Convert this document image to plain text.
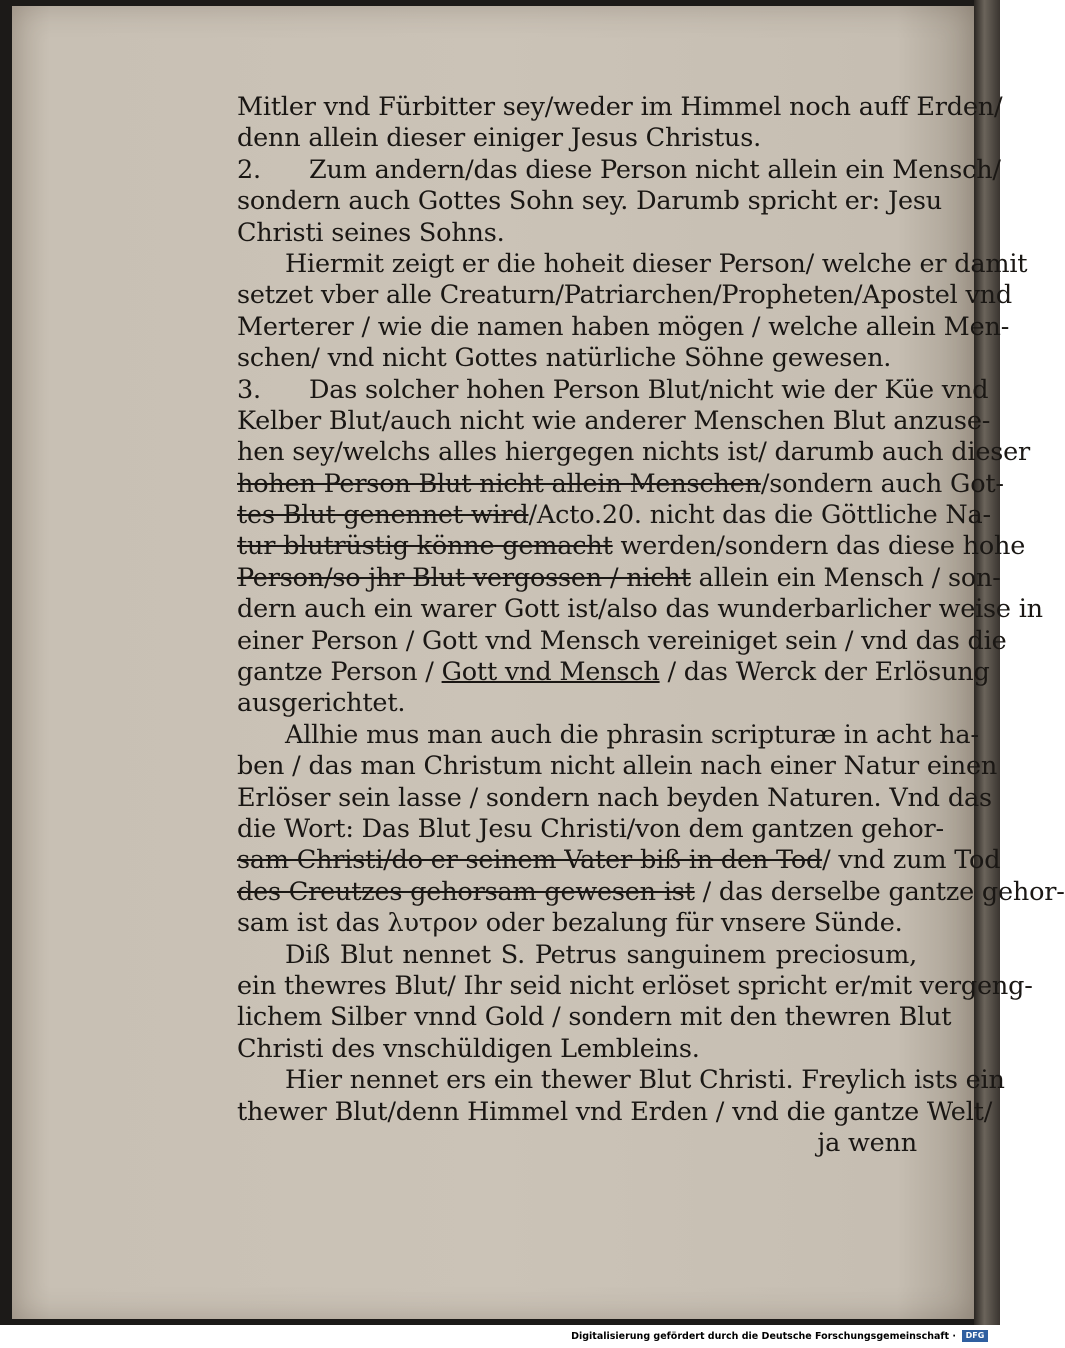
Mitler vnd Fürbitter sey/weder im Himmel noch auff Erden/
denn allein dieser einiger Jesus Christus.
2. Zum andern/das diese Person nicht allein ein Mensch/
sondern auch Gottes Sohn sey. Darumb spricht er: Jesu
Christi seines Sohns.
Hiermit zeigt er die hoheit dieser Person/ welche er damit
setzet vber alle Creaturn/Patriarchen/Propheten/Apostel vnd
Merterer / wie die namen haben mögen / welche allein Men-
schen/ vnd nicht Gottes natürliche Söhne gewesen.
3. Das solcher hohen Person Blut/nicht wie der Küe vnd
Kelber Blut/auch nicht wie anderer Menschen Blut anzuse-
hen sey/welchs alles hiergegen nichts ist/ darumb auch dieser
hohen Person Blut nicht allein Menschen/sondern auch Got-
tes Blut genennet wird/Acto.20. nicht das die Göttliche Na-
tur blutrüstig könne gemacht werden/sondern das diese hohe
Person/so jhr Blut vergossen / nicht allein ein Mensch / son-
dern auch ein warer Gott ist/also das wunderbarlicher weise in
einer Person / Gott vnd Mensch vereiniget sein / vnd das die
gantze Person / Gott vnd Mensch / das Werck der Erlösung
ausgerichtet.
Allhie mus man auch die phrasin scripturæ in acht ha-
ben / das man Christum nicht allein nach einer Natur einen
Erlöser sein lasse / sondern nach beyden Naturen. Vnd das
die Wort: Das Blut Jesu Christi/von dem gantzen gehor-
sam Christi/do er seinem Vater biß in den Tod/ vnd zum Tod
des Creutzes gehorsam gewesen ist / das derselbe gantze gehor-
sam ist das λυτρον oder bezalung für vnsere Sünde.
Diß Blut nennet S. Petrus sanguinem preciosum,
ein thewres Blut/ Ihr seid nicht erlöset spricht er/mit vergeng-
lichem Silber vnnd Gold / sondern mit den thewren Blut
Christi des vnschüldigen Lembleins.
Hier nennet ers ein thewer Blut Christi. Freylich ists ein
thewer Blut/denn Himmel vnd Erden / vnd die gantze Welt/
ja wenn
Digitalisierung gefördert durch die Deutsche Forschungsgemeinschaft ·	DFG
